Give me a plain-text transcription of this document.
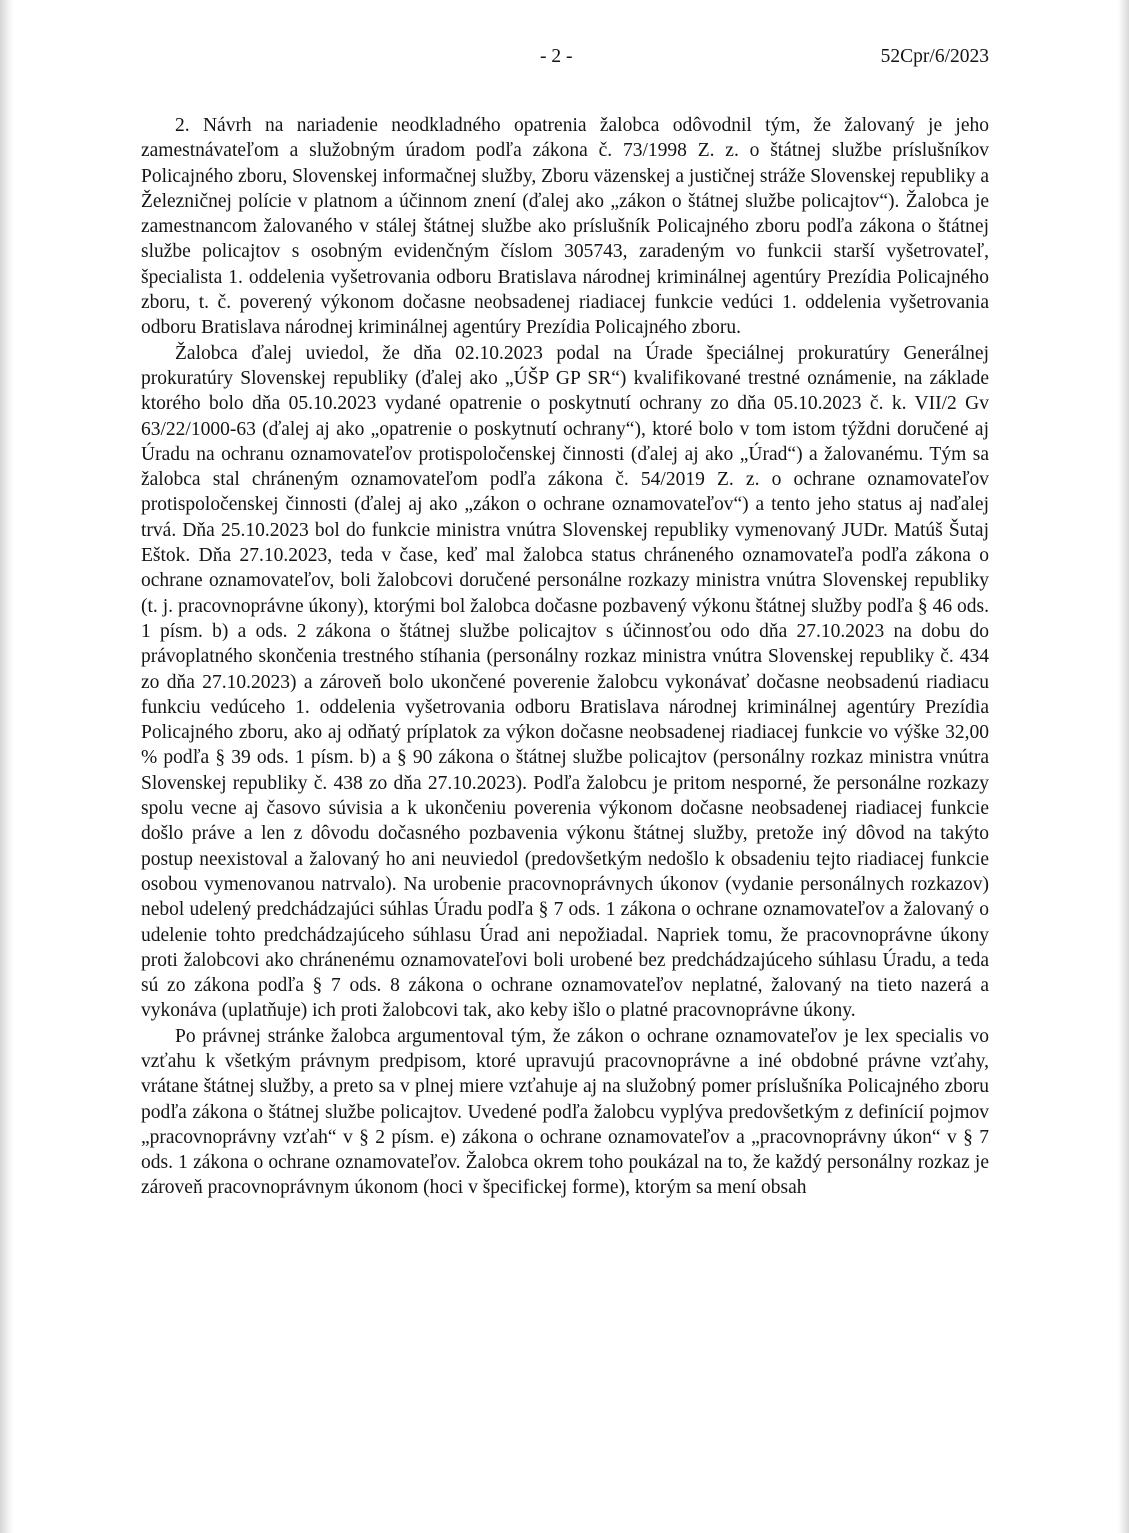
- 2 -	52Cpr/6/2023

2. Návrh na nariadenie neodkladného opatrenia žalobca odôvodnil tým, že žalovaný je jeho zamestnávateľom a služobným úradom podľa zákona č. 73/1998 Z. z. o štátnej službe príslušníkov Policajného zboru, Slovenskej informačnej služby, Zboru väzenskej a justičnej stráže Slovenskej republiky a Železničnej polície v platnom a účinnom znení (ďalej ako „zákon o štátnej službe policajtov“). Žalobca je zamestnancom žalovaného v stálej štátnej službe ako príslušník Policajného zboru podľa zákona o štátnej službe policajtov s osobným evidenčným číslom 305743, zaradeným vo funkcii starší vyšetrovateľ, špecialista 1. oddelenia vyšetrovania odboru Bratislava národnej kriminálnej agentúry Prezídia Policajného zboru, t. č. poverený výkonom dočasne neobsadenej riadiacej funkcie vedúci 1. oddelenia vyšetrovania odboru Bratislava národnej kriminálnej agentúry Prezídia Policajného zboru.

Žalobca ďalej uviedol, že dňa 02.10.2023 podal na Úrade špeciálnej prokuratúry Generálnej prokuratúry Slovenskej republiky (ďalej ako „ÚŠP GP SR“) kvalifikované trestné oznámenie, na základe ktorého bolo dňa 05.10.2023 vydané opatrenie o poskytnutí ochrany zo dňa 05.10.2023 č. k. VII/2 Gv 63/22/1000-63 (ďalej aj ako „opatrenie o poskytnutí ochrany“), ktoré bolo v tom istom týždni doručené aj Úradu na ochranu oznamovateľov protispoločenskej činnosti (ďalej aj ako „Úrad“) a žalovanému. Tým sa žalobca stal chráneným oznamovateľom podľa zákona č. 54/2019 Z. z. o ochrane oznamovateľov protispoločenskej činnosti (ďalej aj ako „zákon o ochrane oznamovateľov“) a tento jeho status aj naďalej trvá. Dňa 25.10.2023 bol do funkcie ministra vnútra Slovenskej republiky vymenovaný JUDr. Matúš Šutaj Eštok. Dňa 27.10.2023, teda v čase, keď mal žalobca status chráneného oznamovateľa podľa zákona o ochrane oznamovateľov, boli žalobcovi doručené personálne rozkazy ministra vnútra Slovenskej republiky (t. j. pracovnoprávne úkony), ktorými bol žalobca dočasne pozbavený výkonu štátnej služby podľa § 46 ods. 1 písm. b) a ods. 2 zákona o štátnej službe policajtov s účinnosťou odo dňa 27.10.2023 na dobu do právoplatného skončenia trestného stíhania (personálny rozkaz ministra vnútra Slovenskej republiky č. 434 zo dňa 27.10.2023) a zároveň bolo ukončené poverenie žalobcu vykonávať dočasne neobsadenú riadiacu funkciu vedúceho 1. oddelenia vyšetrovania odboru Bratislava národnej kriminálnej agentúry Prezídia Policajného zboru, ako aj odňatý príplatok za výkon dočasne neobsadenej riadiacej funkcie vo výške 32,00 % podľa § 39 ods. 1 písm. b) a § 90 zákona o štátnej službe policajtov (personálny rozkaz ministra vnútra Slovenskej republiky č. 438 zo dňa 27.10.2023). Podľa žalobcu je pritom nesporné, že personálne rozkazy spolu vecne aj časovo súvisia a k ukončeniu poverenia výkonom dočasne neobsadenej riadiacej funkcie došlo práve a len z dôvodu dočasného pozbavenia výkonu štátnej služby, pretože iný dôvod na takýto postup neexistoval a žalovaný ho ani neuviedol (predovšetkým nedošlo k obsadeniu tejto riadiacej funkcie osobou vymenovanou natrvalo). Na urobenie pracovnoprávnych úkonov (vydanie personálnych rozkazov) nebol udelený predchádzajúci súhlas Úradu podľa § 7 ods. 1 zákona o ochrane oznamovateľov a žalovaný o udelenie tohto predchádzajúceho súhlasu Úrad ani nepožiadal. Napriek tomu, že pracovnoprávne úkony proti žalobcovi ako chránenému oznamovateľovi boli urobené bez predchádzajúceho súhlasu Úradu, a teda sú zo zákona podľa § 7 ods. 8 zákona o ochrane oznamovateľov neplatné, žalovaný na tieto nazerá a vykonáva (uplatňuje) ich proti žalobcovi tak, ako keby išlo o platné pracovnoprávne úkony.

Po právnej stránke žalobca argumentoval tým, že zákon o ochrane oznamovateľov je lex specialis vo vzťahu k všetkým právnym predpisom, ktoré upravujú pracovnoprávne a iné obdobné právne vzťahy, vrátane štátnej služby, a preto sa v plnej miere vzťahuje aj na služobný pomer príslušníka Policajného zboru podľa zákona o štátnej službe policajtov. Uvedené podľa žalobcu vyplýva predovšetkým z definícií pojmov „pracovnoprávny vzťah“ v § 2 písm. e) zákona o ochrane oznamovateľov a „pracovnoprávny úkon“ v § 7 ods. 1 zákona o ochrane oznamovateľov. Žalobca okrem toho poukázal na to, že každý personálny rozkaz je zároveň pracovnoprávnym úkonom (hoci v špecifickej forme), ktorým sa mení obsah
